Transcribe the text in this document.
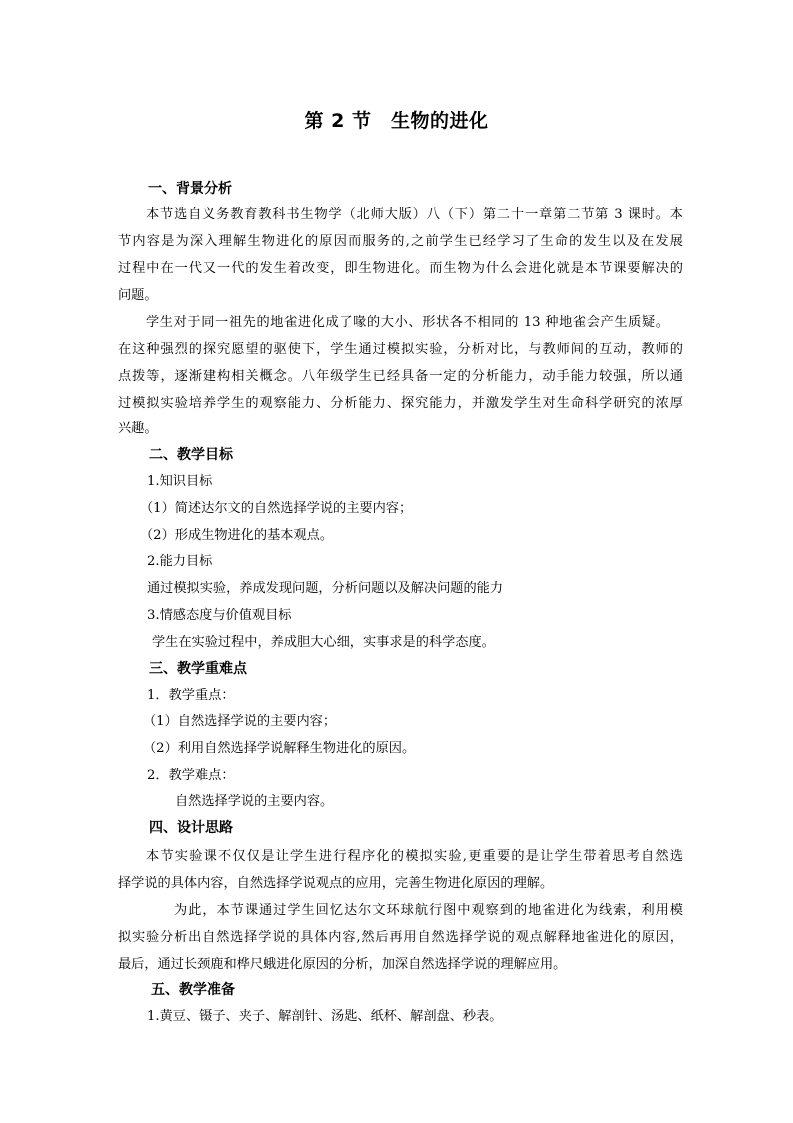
第 2 节　生物的进化
一、背景分析
本节选自义务教育教科书生物学（北师大版）八（下）第二十一章第二节第 3 课时。本
节内容是为深入理解生物进化的原因而服务的,之前学生已经学习了生命的发生以及在发展
过程中在一代又一代的发生着改变，即生物进化。而生物为什么会进化就是本节课要解决的
问题。
学生对于同一祖先的地雀进化成了喙的大小、形状各不相同的 13 种地雀会产生质疑。
在这种强烈的探究愿望的驱使下，学生通过模拟实验，分析对比，与教师间的互动，教师的
点拨等，逐渐建构相关概念。八年级学生已经具备一定的分析能力，动手能力较强，所以通
过模拟实验培养学生的观察能力、分析能力、探究能力，并激发学生对生命科学研究的浓厚
兴趣。
二、教学目标
1.知识目标
（1）简述达尔文的自然选择学说的主要内容；
（2）形成生物进化的基本观点。
2.能力目标
通过模拟实验，养成发现问题，分析问题以及解决问题的能力
3.情感态度与价值观目标
学生在实验过程中，养成胆大心细，实事求是的科学态度。
三、教学重难点
1．教学重点：
（1）自然选择学说的主要内容；
（2）利用自然选择学说解释生物进化的原因。
2．教学难点：
自然选择学说的主要内容。
四、设计思路
本节实验课不仅仅是让学生进行程序化的模拟实验,更重要的是让学生带着思考自然选
择学说的具体内容，自然选择学说观点的应用，完善生物进化原因的理解。
为此，本节课通过学生回忆达尔文环球航行图中观察到的地雀进化为线索，利用模
拟实验分析出自然选择学说的具体内容,然后再用自然选择学说的观点解释地雀进化的原因，
最后，通过长颈鹿和桦尺蛾进化原因的分析，加深自然选择学说的理解应用。
五、教学准备
1.黄豆、镊子、夹子、解剖针、汤匙、纸杯、解剖盘、秒表。
